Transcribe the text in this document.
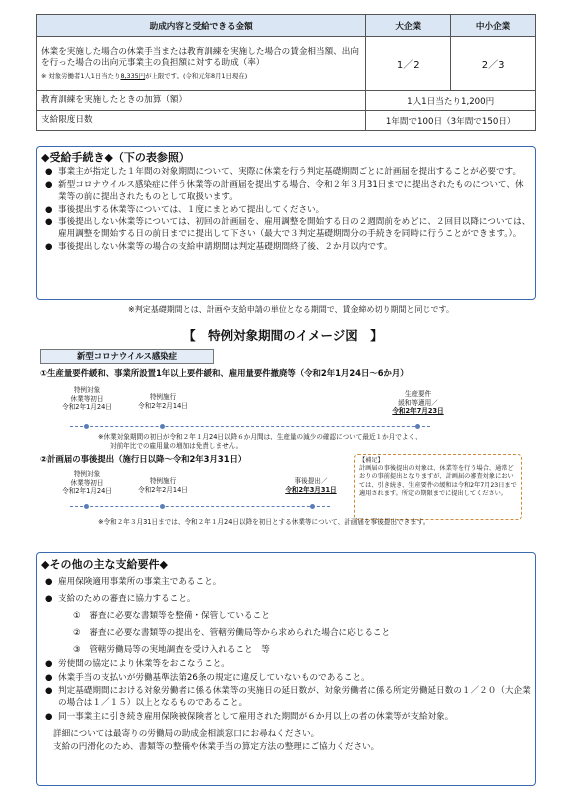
助成内容と受給できる金額	大企業	中小企業
休業を実施した場合の休業手当または教育訓練を実施した場合の賃金相当額、出向を行った場合の出向元事業主の負担額に対する助成（率）
※ 対象労働者1人1日当たり8,335円が上限です。(令和元年8月1日現在)	1／2	2／3
教育訓練を実施したときの加算（額）	1人1日当たり1,200円	
支給限度日数	1年間で100日（3年間で150日）	
◆受給手続き◆（下の表参照）
● 事業主が指定した１年間の対象期間について、実際に休業を行う判定基礎期間ごとに計画届を提出することが必要です。
● 新型コロナウイルス感染症に伴う休業等の計画届を提出する場合、令和２年３月31日までに提出されたものについて、休業等の前に提出されたものとして取扱います。
● 事後提出する休業等については、１度にまとめて提出してください。
● 事後提出しない休業等については、初回の計画届を、雇用調整を開始する日の２週間前をめどに、２回目以降については、雇用調整を開始する日の前日までに提出して下さい（最大で３判定基礎期間分の手続きを同時に行うことができます。）。
● 事後提出しない休業等の場合の支給申請期間は判定基礎期間終了後、２か月以内です。
※判定基礎期間とは、計画や支給申請の単位となる期間で、賃金締め切り期間と同じです。
【　特例対象期間のイメージ図　】
新型コロナウイルス感染症
①生産量要件緩和、事業所設置1年以上要件緩和、雇用量要件撤廃等（令和2年1月24日～6か月）
特例対象
休業等初日
令和2年1月24日
特例施行
令和2年2月14日
生産要件
緩和等適用／
令和2年7月23日
※休業対象期間の初日が令和２年１月24日以降６か月間は、生産量の減少の確認について最近１か月でよく、
対前年比での雇用量の増加は免責しません。
②計画届の事後提出（施行日以降～令和2年3月31日）
特例対象
休業等初日
令和2年1月24日
特例施行
令和2年2月14日
事後提出／
令和2年3月31日
【補足】
計画届の事後提出の対象は、休業等を行う場合、通常どおりの事前提出となりますが、計画届の審査対象においては、引き続き、生産要件の緩和は令和2年7月23日まで適用されます。所定の期限までに提出してください。
※令和２年３月31日までは、令和２年１月24日以降を初日とする休業等について、計画届を事後提出できます。
◆その他の主な支給要件◆
● 雇用保険適用事業所の事業主であること。
● 支給のための審査に協力すること。
①　 審査に必要な書類等を整備・保管していること
②　 審査に必要な書類等の提出を、管轄労働局等から求められた場合に応じること
③　 管轄労働局等の実地調査を受け入れること　等
● 労使間の協定により休業等をおこなうこと。
● 休業手当の支払いが労働基準法第26条の規定に違反していないものであること。
● 判定基礎期間における対象労働者に係る休業等の実施日の延日数が、対象労働者に係る所定労働延日数の１／２０（大企業の場合は１／１５）以上となるものであること。
● 同一事業主に引き続き雇用保険被保険者として雇用された期間が６か月以上の者の休業等が支給対象。
詳細については最寄りの労働局の助成金相談窓口にお尋ねください。
支給の円滑化のため、書類等の整備や休業手当の算定方法の整理にご協力ください。
